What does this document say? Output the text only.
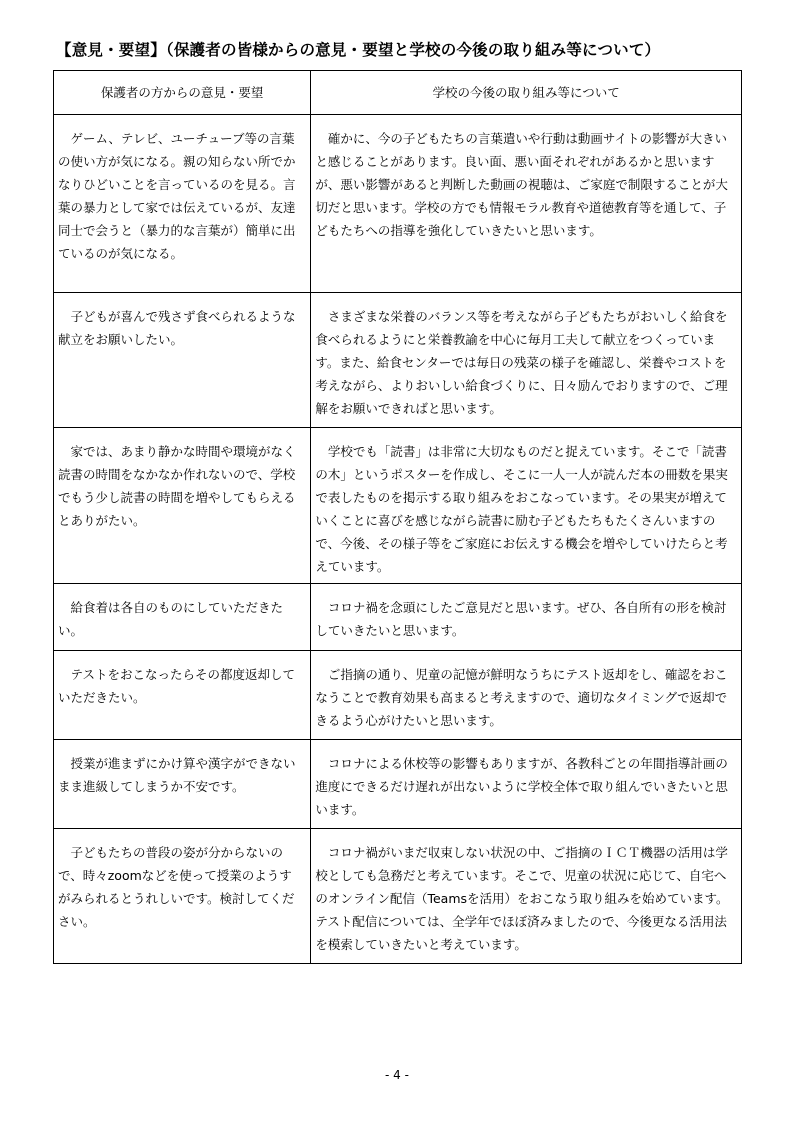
【意見・要望】（保護者の皆様からの意見・要望と学校の今後の取り組み等について）
保護者の方からの意見・要望	学校の今後の取り組み等について

ゲーム、テレビ、ユーチューブ等の言葉の使い方が気になる。親の知らない所でかなりひどいことを言っているのを見る。言葉の暴力として家では伝えているが、友達同士で会うと（暴力的な言葉が）簡単に出ているのが気になる。	確かに、今の子どもたちの言葉遣いや行動は動画サイトの影響が大きいと感じることがあります。良い面、悪い面それぞれがあるかと思いますが、悪い影響があると判断した動画の視聴は、ご家庭で制限することが大切だと思います。学校の方でも情報モラル教育や道徳教育等を通して、子どもたちへの指導を強化していきたいと思います。

子どもが喜んで残さず食べられるような献立をお願いしたい。	さまざまな栄養のバランス等を考えながら子どもたちがおいしく給食を食べられるようにと栄養教諭を中心に毎月工夫して献立をつくっています。また、給食センターでは毎日の残菜の様子を確認し、栄養やコストを考えながら、よりおいしい給食づくりに、日々励んでおりますので、ご理解をお願いできればと思います。

家では、あまり静かな時間や環境がなく読書の時間をなかなか作れないので、学校でもう少し読書の時間を増やしてもらえるとありがたい。	学校でも「読書」は非常に大切なものだと捉えています。そこで「読書の木」というポスターを作成し、そこに一人一人が読んだ本の冊数を果実で表したものを掲示する取り組みをおこなっています。その果実が増えていくことに喜びを感じながら読書に励む子どもたちもたくさんいますので、今後、その様子等をご家庭にお伝えする機会を増やしていけたらと考えています。

給食着は各自のものにしていただきたい。	コロナ禍を念頭にしたご意見だと思います。ぜひ、各自所有の形を検討していきたいと思います。

テストをおこなったらその都度返却していただきたい。	ご指摘の通り、児童の記憶が鮮明なうちにテスト返却をし、確認をおこなうことで教育効果も高まると考えますので、適切なタイミングで返却できるよう心がけたいと思います。

授業が進まずにかけ算や漢字ができないまま進級してしまうか不安です。	コロナによる休校等の影響もありますが、各教科ごとの年間指導計画の進度にできるだけ遅れが出ないように学校全体で取り組んでいきたいと思います。

子どもたちの普段の姿が分からないので、時々zoomなどを使って授業のようすがみられるとうれしいです。検討してください。	コロナ禍がいまだ収束しない状況の中、ご指摘のＩＣＴ機器の活用は学校としても急務だと考えています。そこで、児童の状況に応じて、自宅へのオンライン配信（Teamsを活用）をおこなう取り組みを始めています。テスト配信については、全学年でほぼ済みましたので、今後更なる活用法を模索していきたいと考えています。
- 4 -
